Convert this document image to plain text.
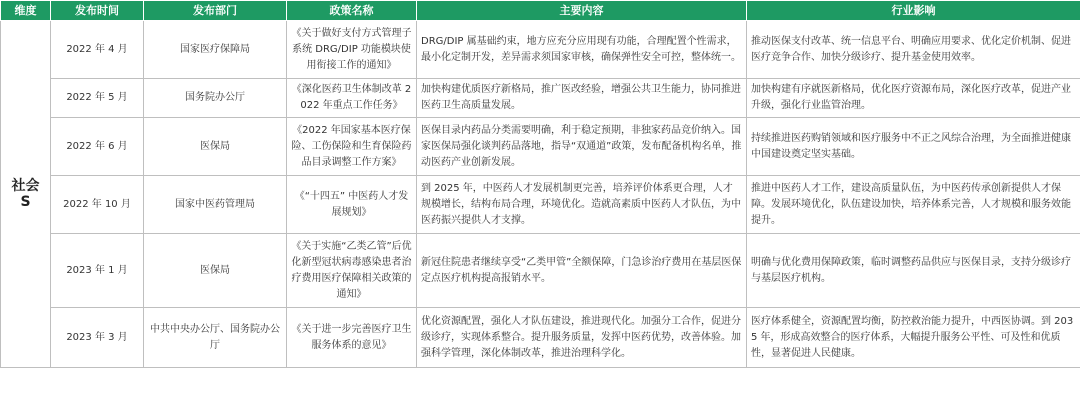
维度	发布时间	发布部门	政策名称	主要内容	行业影响

社会
S	2022 年 4 月	国家医疗保障局	《关于做好支付方式管理子系统 DRG/DIP 功能模块使用衔接工作的通知》	DRG/DIP 属基础约束，地方应充分应用现有功能，合理配置个性需求，最小化定制开发，差异需求须国家审核，确保弹性安全可控，整体统一。	推动医保支付改革、统一信息平台、明确应用要求、优化定价机制、促进医疗竞争合作、加快分级诊疗、提升基金使用效率。
	2022 年 5 月	国务院办公厅	《深化医药卫生体制改革 2022 年重点工作任务》	加快构建优质医疗新格局，推广医改经验，增强公共卫生能力，协同推进医药卫生高质量发展。	加快构建有序就医新格局，优化医疗资源布局，深化医疗改革，促进产业升级，强化行业监管治理。
	2022 年 6 月	医保局	《2022 年国家基本医疗保险、工伤保险和生育保险药品目录调整工作方案》	医保目录内药品分类需要明确，利于稳定预期，非独家药品竞价纳入。国家医保局强化谈判药品落地，指导“双通道”政策，发布配备机构名单，推动医药产业创新发展。	持续推进医药购销领域和医疗服务中不正之风综合治理，为全面推进健康中国建设奠定坚实基础。
	2022 年 10 月	国家中医药管理局	《“十四五” 中医药人才发展规划》	到 2025 年，中医药人才发展机制更完善，培养评价体系更合理，人才规模增长，结构布局合理，环境优化。造就高素质中医药人才队伍，为中医药振兴提供人才支撑。	推进中医药人才工作，建设高质量队伍，为中医药传承创新提供人才保障。发展环境优化，队伍建设加快，培养体系完善，人才规模和服务效能提升。
	2023 年 1 月	医保局	《关于实施“乙类乙管”后优化新型冠状病毒感染患者治疗费用医疗保障相关政策的通知》	新冠住院患者继续享受“乙类甲管”全额保障，门急诊治疗费用在基层医保定点医疗机构提高报销水平。	明确与优化费用保障政策，临时调整药品供应与医保目录，支持分级诊疗与基层医疗机构。
	2023 年 3 月	中共中央办公厅、国务院办公厅	《关于进一步完善医疗卫生服务体系的意见》	优化资源配置，强化人才队伍建设，推进现代化。加强分工合作，促进分级诊疗，实现体系整合。提升服务质量，发挥中医药优势，改善体验。加强科学管理，深化体制改革，推进治理科学化。	医疗体系健全，资源配置均衡，防控救治能力提升，中西医协调。到 2035 年，形成高效整合的医疗体系，大幅提升服务公平性、可及性和优质性，显著促进人民健康。
